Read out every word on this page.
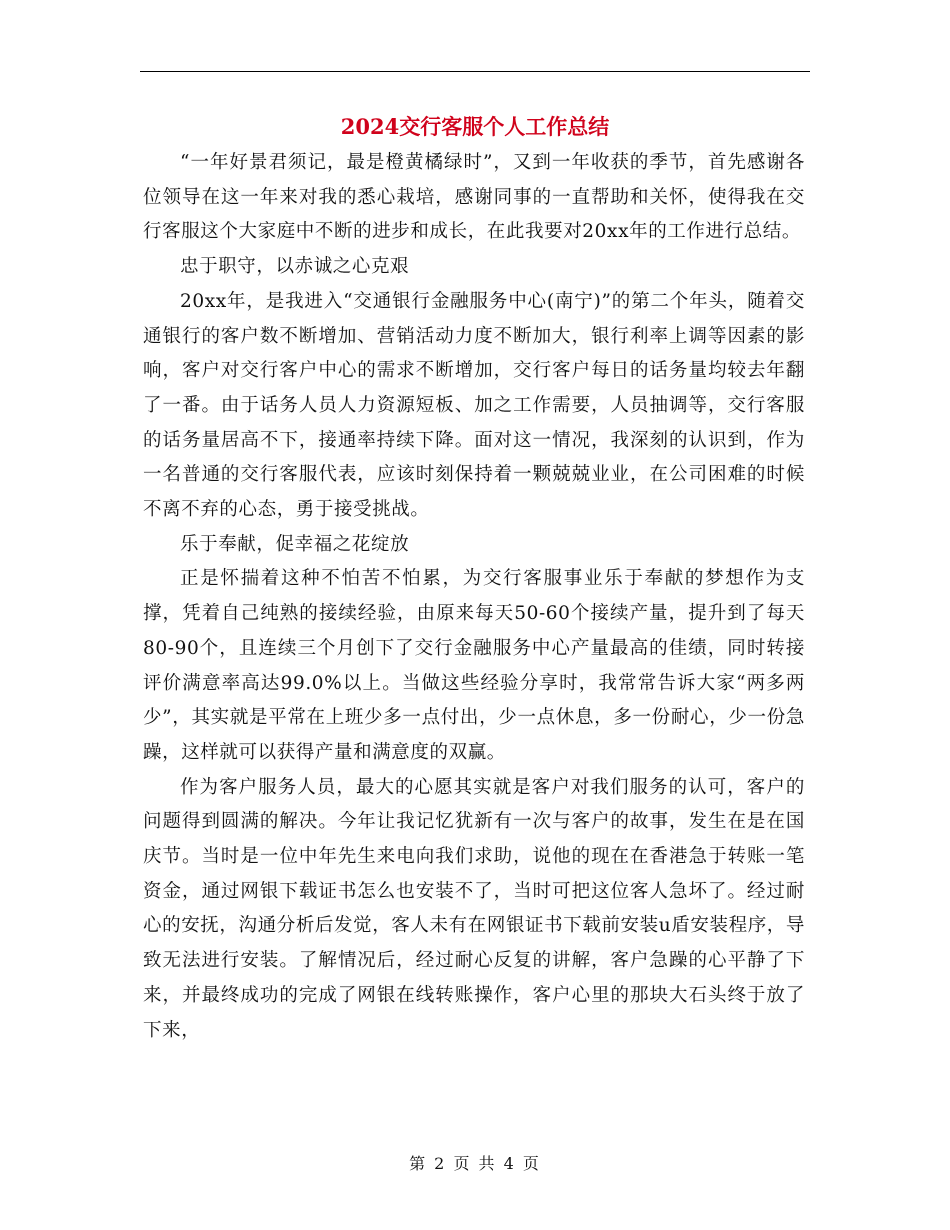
2024交行客服个人工作总结

“一年好景君须记，最是橙黄橘绿时”，又到一年收获的季节，首先感谢各位领导在这一年来对我的悉心栽培，感谢同事的一直帮助和关怀，使得我在交行客服这个大家庭中不断的进步和成长，在此我要对20xx年的工作进行总结。

忠于职守，以赤诚之心克艰

20xx年，是我进入“交通银行金融服务中心(南宁)”的第二个年头，随着交通银行的客户数不断增加、营销活动力度不断加大，银行利率上调等因素的影响，客户对交行客户中心的需求不断增加，交行客户每日的话务量均较去年翻了一番。由于话务人员人力资源短板、加之工作需要，人员抽调等，交行客服的话务量居高不下，接通率持续下降。面对这一情况，我深刻的认识到，作为一名普通的交行客服代表，应该时刻保持着一颗兢兢业业，在公司困难的时候不离不弃的心态，勇于接受挑战。

乐于奉献，促幸福之花绽放

正是怀揣着这种不怕苦不怕累，为交行客服事业乐于奉献的梦想作为支撑，凭着自己纯熟的接续经验，由原来每天50-60个接续产量，提升到了每天80-90个，且连续三个月创下了交行金融服务中心产量最高的佳绩，同时转接评价满意率高达99.0%以上。当做这些经验分享时，我常常告诉大家“两多两少”，其实就是平常在上班少多一点付出，少一点休息，多一份耐心，少一份急躁，这样就可以获得产量和满意度的双赢。

作为客户服务人员，最大的心愿其实就是客户对我们服务的认可，客户的问题得到圆满的解决。今年让我记忆犹新有一次与客户的故事，发生在是在国庆节。当时是一位中年先生来电向我们求助，说他的现在在香港急于转账一笔资金，通过网银下载证书怎么也安装不了，当时可把这位客人急坏了。经过耐心的安抚，沟通分析后发觉，客人未有在网银证书下载前安装u盾安装程序，导致无法进行安装。了解情况后，经过耐心反复的讲解，客户急躁的心平静了下来，并最终成功的完成了网银在线转账操作，客户心里的那块大石头终于放了下来，

第 2 页 共 4 页
